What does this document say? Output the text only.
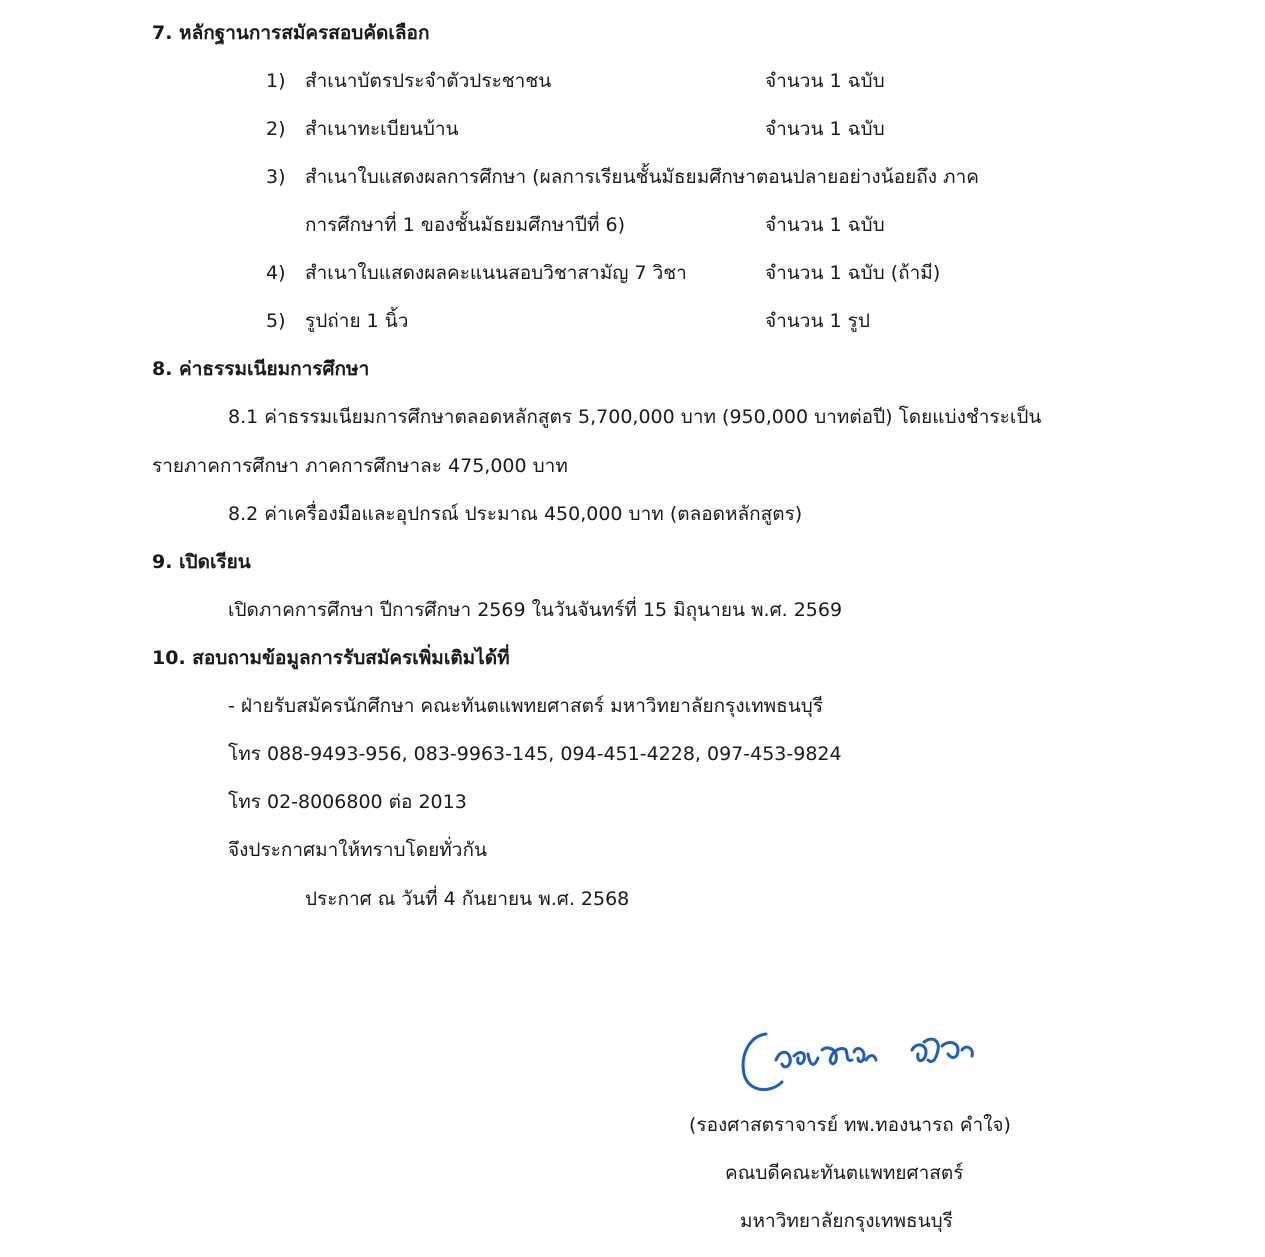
7. หลักฐานการสมัครสอบคัดเลือก
1) สำเนาบัตรประจำตัวประชาชน	จำนวน 1 ฉบับ
2) สำเนาทะเบียนบ้าน	จำนวน 1 ฉบับ
3) สำเนาใบแสดงผลการศึกษา (ผลการเรียนชั้นมัธยมศึกษาตอนปลายอย่างน้อยถึง ภาค
การศึกษาที่ 1 ของชั้นมัธยมศึกษาปีที่ 6)	จำนวน 1 ฉบับ
4) สำเนาใบแสดงผลคะแนนสอบวิชาสามัญ 7 วิชา	จำนวน 1 ฉบับ (ถ้ามี)
5) รูปถ่าย 1 นิ้ว	จำนวน 1 รูป
8. ค่าธรรมเนียมการศึกษา
8.1 ค่าธรรมเนียมการศึกษาตลอดหลักสูตร 5,700,000 บาท (950,000 บาทต่อปี) โดยแบ่งชำระเป็น
รายภาคการศึกษา ภาคการศึกษาละ 475,000 บาท
8.2 ค่าเครื่องมือและอุปกรณ์ ประมาณ 450,000 บาท (ตลอดหลักสูตร)
9. เปิดเรียน
เปิดภาคการศึกษา ปีการศึกษา 2569 ในวันจันทร์ที่ 15 มิถุนายน พ.ศ. 2569
10. สอบถามข้อมูลการรับสมัครเพิ่มเติมได้ที่
- ฝ่ายรับสมัครนักศึกษา คณะทันตแพทยศาสตร์ มหาวิทยาลัยกรุงเทพธนบุรี
โทร 088-9493-956, 083-9963-145, 094-451-4228, 097-453-9824
โทร 02-8006800 ต่อ 2013
จึงประกาศมาให้ทราบโดยทั่วกัน
ประกาศ ณ วันที่ 4 กันยายน พ.ศ. 2568
(รองศาสตราจารย์ ทพ.ทองนารถ คำใจ)
คณบดีคณะทันตแพทยศาสตร์
มหาวิทยาลัยกรุงเทพธนบุรี
